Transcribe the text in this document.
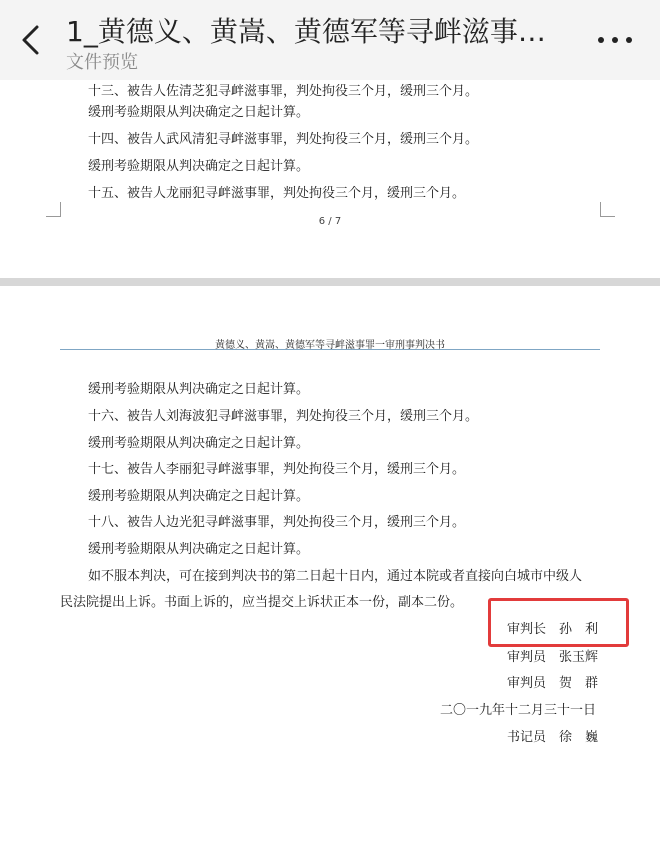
1_黄德义、黄嵩、黄德军等寻衅滋事…
文件预览
十三、被告人佐清芝犯寻衅滋事罪，判处拘役三个月，缓刑三个月。
缓刑考验期限从判决确定之日起计算。
十四、被告人武风清犯寻衅滋事罪，判处拘役三个月，缓刑三个月。
缓刑考验期限从判决确定之日起计算。
十五、被告人龙丽犯寻衅滋事罪，判处拘役三个月，缓刑三个月。
6 / 7
黄德义、黄嵩、黄德军等寻衅滋事罪一审刑事判决书
缓刑考验期限从判决确定之日起计算。
十六、被告人刘海波犯寻衅滋事罪，判处拘役三个月，缓刑三个月。
缓刑考验期限从判决确定之日起计算。
十七、被告人李丽犯寻衅滋事罪，判处拘役三个月，缓刑三个月。
缓刑考验期限从判决确定之日起计算。
十八、被告人边光犯寻衅滋事罪，判处拘役三个月，缓刑三个月。
缓刑考验期限从判决确定之日起计算。
如不服本判决，可在接到判决书的第二日起十日内，通过本院或者直接向白城市中级人
民法院提出上诉。书面上诉的，应当提交上诉状正本一份，副本二份。
审判长　孙　利
审判员　张玉辉
审判员　贺　群
二〇一九年十二月三十一日
书记员　徐　巍
